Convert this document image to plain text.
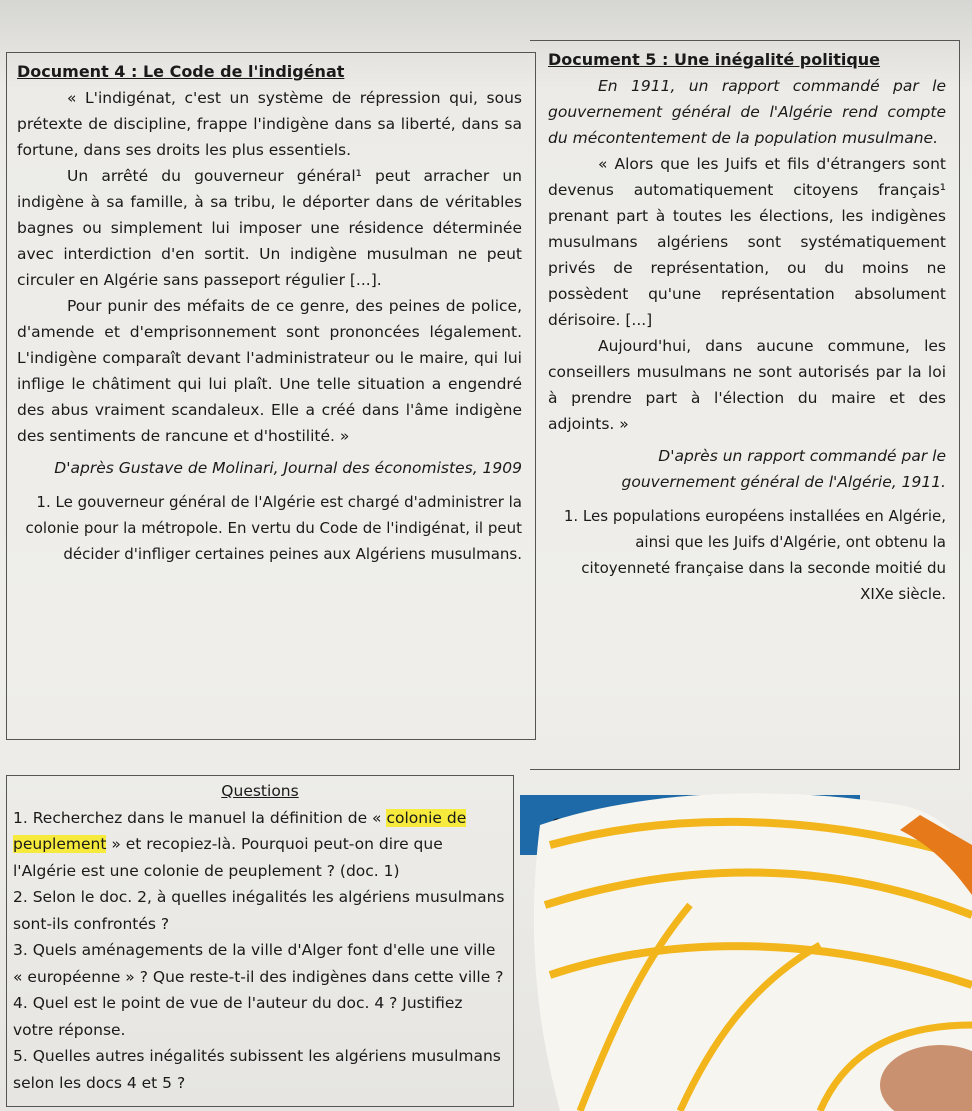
Document 4 : Le Code de l'indigénat

« L'indigénat, c'est un système de répression qui, sous prétexte de discipline, frappe l'indigène dans sa liberté, dans sa fortune, dans ses droits les plus essentiels.

Un arrêté du gouverneur général¹ peut arracher un indigène à sa famille, à sa tribu, le déporter dans de véritables bagnes ou simplement lui imposer une résidence déterminée avec interdiction d'en sortit. Un indigène musulman ne peut circuler en Algérie sans passeport régulier [...].

Pour punir des méfaits de ce genre, des peines de police, d'amende et d'emprisonnement sont prononcées légalement. L'indigène comparaît devant l'administrateur ou le maire, qui lui inflige le châtiment qui lui plaît. Une telle situation a engendré des abus vraiment scandaleux. Elle a créé dans l'âme indigène des sentiments de rancune et d'hostilité. »

D'après Gustave de Molinari, Journal des économistes, 1909

1. Le gouverneur général de l'Algérie est chargé d'administrer la colonie pour la métropole. En vertu du Code de l'indigénat, il peut décider d'infliger certaines peines aux Algériens musulmans.

Document 5 : Une inégalité politique

En 1911, un rapport commandé par le gouvernement général de l'Algérie rend compte du mécontentement de la population musulmane.

« Alors que les Juifs et fils d'étrangers sont devenus automatiquement citoyens français¹ prenant part à toutes les élections, les indigènes musulmans algériens sont systématiquement privés de représentation, ou du moins ne possèdent qu'une représentation absolument dérisoire. [...]

Aujourd'hui, dans aucune commune, les conseillers musulmans ne sont autorisés par la loi à prendre part à l'élection du maire et des adjoints. »

D'après un rapport commandé par le gouvernement général de l'Algérie, 1911.

1. Les populations européens installées en Algérie, ainsi que les Juifs d'Algérie, ont obtenu la citoyenneté française dans la seconde moitié du XIXe siècle.

Questions
1. Recherchez dans le manuel la définition de « colonie de peuplement » et recopiez-là. Pourquoi peut-on dire que l'Algérie est une colonie de peuplement ? (doc. 1)
2. Selon le doc. 2, à quelles inégalités les algériens musulmans sont-ils confrontés ?
3. Quels aménagements de la ville d'Alger font d'elle une ville « européenne » ? Que reste-t-il des indigènes dans cette ville ?
4. Quel est le point de vue de l'auteur du doc. 4 ? Justifiez votre réponse.
5. Quelles autres inégalités subissent les algériens musulmans selon les docs 4 et 5 ?
